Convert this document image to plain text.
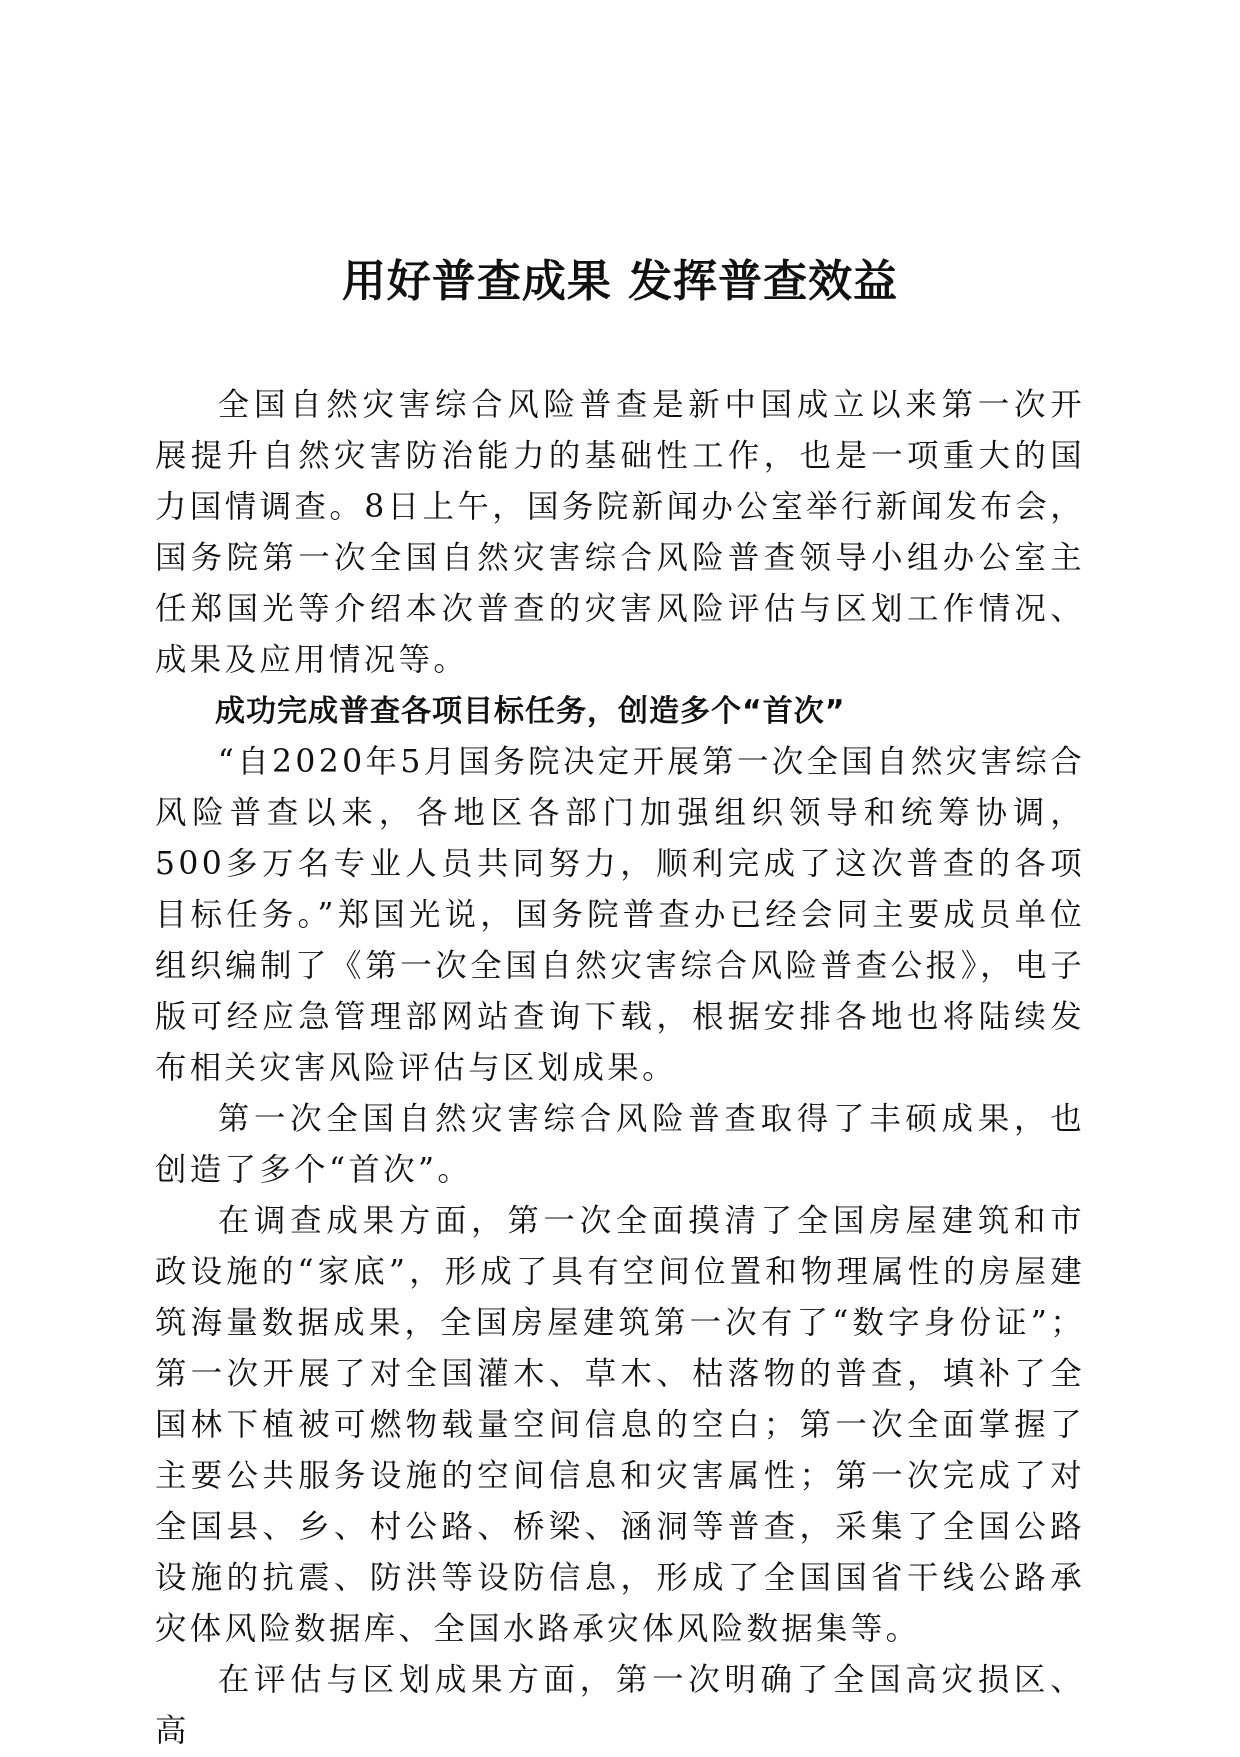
用好普查成果 发挥普查效益

全国自然灾害综合风险普查是新中国成立以来第一次开展提升自然灾害防治能力的基础性工作，也是一项重大的国力国情调查。8日上午，国务院新闻办公室举行新闻发布会，国务院第一次全国自然灾害综合风险普查领导小组办公室主任郑国光等介绍本次普查的灾害风险评估与区划工作情况、成果及应用情况等。

成功完成普查各项目标任务，创造多个“首次”

“自2020年5月国务院决定开展第一次全国自然灾害综合风险普查以来，各地区各部门加强组织领导和统筹协调，500多万名专业人员共同努力，顺利完成了这次普查的各项目标任务。”郑国光说，国务院普查办已经会同主要成员单位组织编制了《第一次全国自然灾害综合风险普查公报》，电子版可经应急管理部网站查询下载，根据安排各地也将陆续发布相关灾害风险评估与区划成果。

第一次全国自然灾害综合风险普查取得了丰硕成果，也创造了多个“首次”。

在调查成果方面，第一次全面摸清了全国房屋建筑和市政设施的“家底”，形成了具有空间位置和物理属性的房屋建筑海量数据成果，全国房屋建筑第一次有了“数字身份证”；第一次开展了对全国灌木、草木、枯落物的普查，填补了全国林下植被可燃物载量空间信息的空白；第一次全面掌握了主要公共服务设施的空间信息和灾害属性；第一次完成了对全国县、乡、村公路、桥梁、涵洞等普查，采集了全国公路设施的抗震、防洪等设防信息，形成了全国国省干线公路承灾体风险数据库、全国水路承灾体风险数据集等。

在评估与区划成果方面，第一次明确了全国高灾损区、高
